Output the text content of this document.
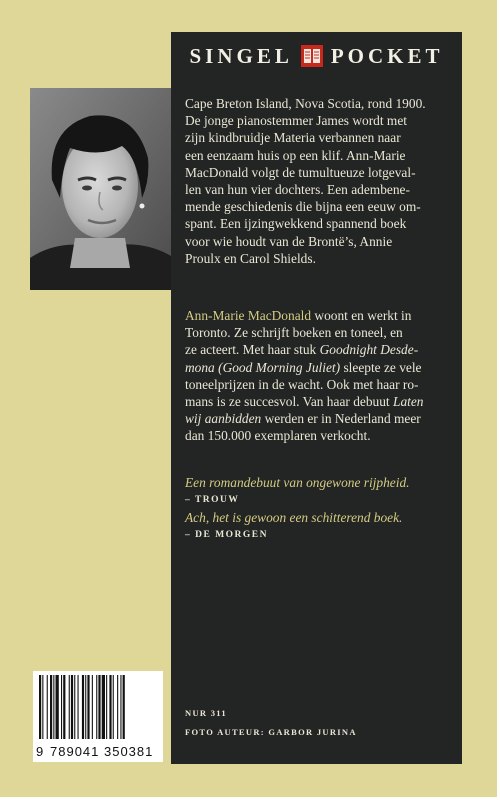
9 789041 350381
SINGEL POCKET
Cape Breton Island, Nova Scotia, rond 1900.
De jonge pianostemmer James wordt met
zijn kindbruidje Materia verbannen naar
een eenzaam huis op een klif. Ann-Marie
MacDonald volgt de tumultueuze lotgeval-
len van hun vier dochters. Een adembene-
mende geschiedenis die bijna een eeuw om-
spant. Een ijzingwekkend spannend boek
voor wie houdt van de Brontë’s, Annie
Proulx en Carol Shields.
Ann-Marie MacDonald woont en werkt in
Toronto. Ze schrijft boeken en toneel, en
ze acteert. Met haar stuk Goodnight Desde-
mona (Good Morning Juliet) sleepte ze vele
toneelprijzen in de wacht. Ook met haar ro-
mans is ze succesvol. Van haar debuut Laten
wij aanbidden werden er in Nederland meer
dan 150.000 exemplaren verkocht.
Een romandebuut van ongewone rijpheid.
– TROUW
Ach, het is gewoon een schitterend boek.
– DE MORGEN
NUR 311
FOTO AUTEUR: GARBOR JURINA
